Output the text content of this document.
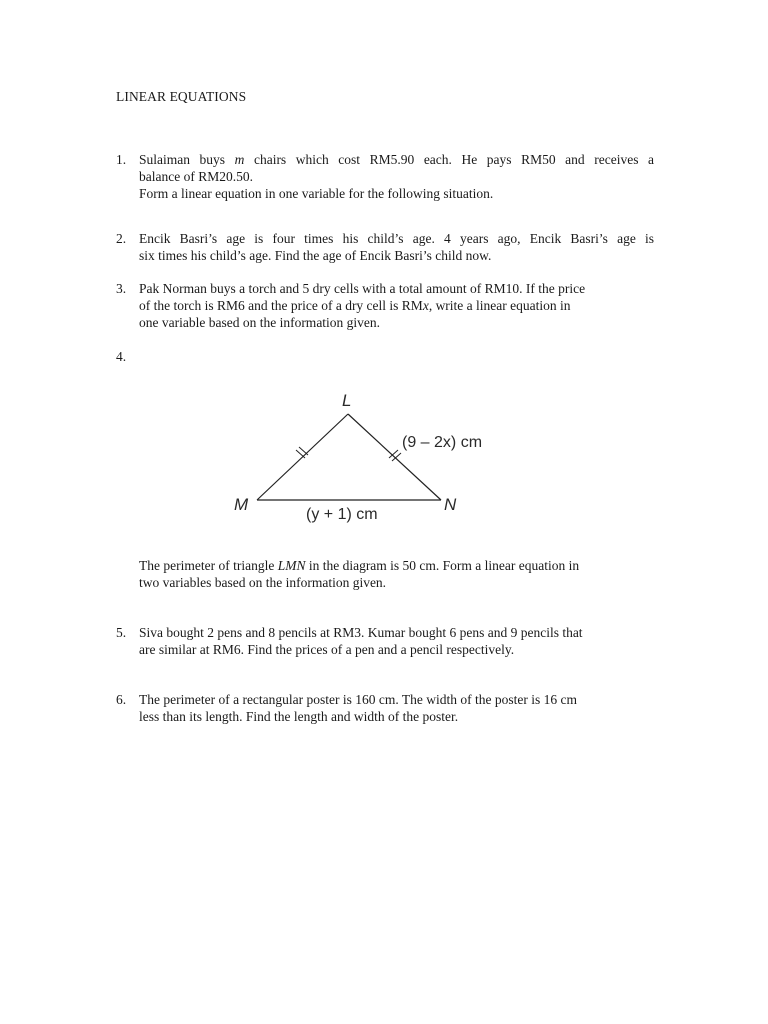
LINEAR EQUATIONS
1. Sulaiman buys m chairs which cost RM5.90 each. He pays RM50 and receives a
balance of RM20.50.
Form a linear equation in one variable for the following situation.
2. Encik Basri’s age is four times his child’s age. 4 years ago, Encik Basri’s age is
six times his child’s age. Find the age of Encik Basri’s child now.
3. Pak Norman buys a torch and 5 dry cells with a total amount of RM10. If the price
of the torch is RM6 and the price of a dry cell is RMx, write a linear equation in
one variable based on the information given.
4.
L
M	N
(9 – 2x) cm
(y + 1) cm
The perimeter of triangle LMN in the diagram is 50 cm. Form a linear equation in
two variables based on the information given.
5. Siva bought 2 pens and 8 pencils at RM3. Kumar bought 6 pens and 9 pencils that
are similar at RM6. Find the prices of a pen and a pencil respectively.
6. The perimeter of a rectangular poster is 160 cm. The width of the poster is 16 cm
less than its length. Find the length and width of the poster.
